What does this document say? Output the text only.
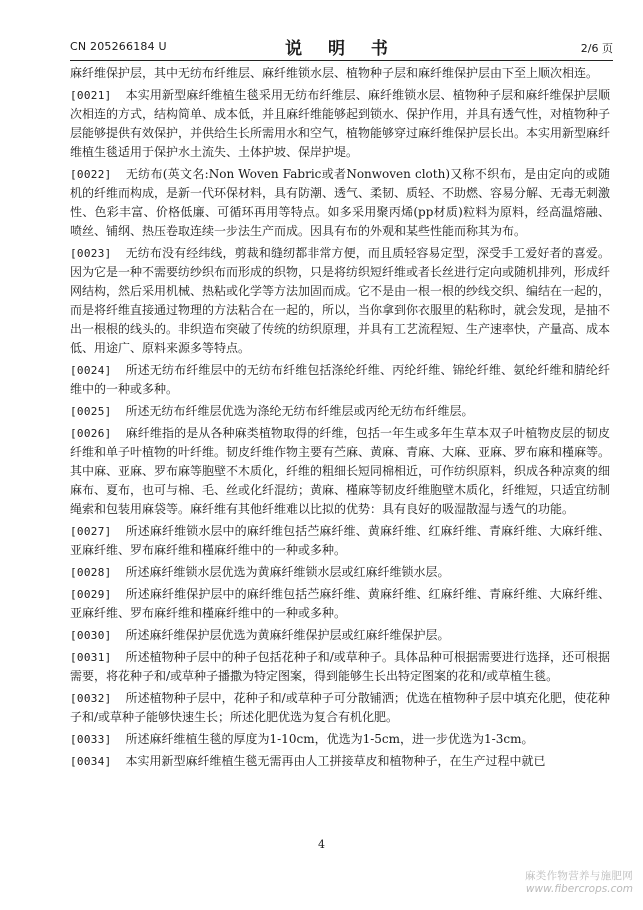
CN 205266184 U	说 明 书	2/6 页

麻纤维保护层，其中无纺布纤维层、麻纤维锁水层、植物种子层和麻纤维保护层由下至上顺次相连。

[0021] 本实用新型麻纤维植生毯采用无纺布纤维层、麻纤维锁水层、植物种子层和麻纤维保护层顺次相连的方式，结构简单、成本低，并且麻纤维能够起到锁水、保护作用，并具有透气性，对植物种子层能够提供有效保护，并供给生长所需用水和空气，植物能够穿过麻纤维保护层长出。本实用新型麻纤维植生毯适用于保护水土流失、土体护坡、保岸护堤。

[0022] 无纺布(英文名:Non Woven Fabric或者Nonwoven cloth)又称不织布，是由定向的或随机的纤维而构成，是新一代环保材料，具有防潮、透气、柔韧、质轻、不助燃、容易分解、无毒无刺激性、色彩丰富、价格低廉、可循环再用等特点。如多采用聚丙烯(pp材质)粒料为原料，经高温熔融、喷丝、铺纲、热压卷取连续一步法生产而成。因具有布的外观和某些性能而称其为布。

[0023] 无纺布没有经纬线，剪裁和缝纫都非常方便，而且质轻容易定型，深受手工爱好者的喜爱。因为它是一种不需要纺纱织布而形成的织物，只是将纺织短纤维或者长丝进行定向或随机排列，形成纤网结构，然后采用机械、热粘或化学等方法加固而成。它不是由一根一根的纱线交织、编结在一起的，而是将纤维直接通过物理的方法粘合在一起的，所以，当你拿到你衣服里的粘称时，就会发现，是抽不出一根根的线头的。非织造布突破了传统的纺织原理，并具有工艺流程短、生产速率快，产量高、成本低、用途广、原料来源多等特点。

[0024] 所述无纺布纤维层中的无纺布纤维包括涤纶纤维、丙纶纤维、锦纶纤维、氨纶纤维和腈纶纤维中的一种或多种。

[0025] 所述无纺布纤维层优选为涤纶无纺布纤维层或丙纶无纺布纤维层。

[0026] 麻纤维指的是从各种麻类植物取得的纤维，包括一年生或多年生草本双子叶植物皮层的韧皮纤维和单子叶植物的叶纤维。韧皮纤维作物主要有苎麻、黄麻、青麻、大麻、亚麻、罗布麻和槿麻等。其中麻、亚麻、罗布麻等胞壁不木质化，纤维的粗细长短同棉相近，可作纺织原料，织成各种凉爽的细麻布、夏布，也可与棉、毛、丝或化纤混纺；黄麻、槿麻等韧皮纤维胞壁木质化，纤维短，只适宜纺制绳索和包装用麻袋等。麻纤维有其他纤维难以比拟的优势：具有良好的吸湿散湿与透气的功能。

[0027] 所述麻纤维锁水层中的麻纤维包括苎麻纤维、黄麻纤维、红麻纤维、青麻纤维、大麻纤维、亚麻纤维、罗布麻纤维和槿麻纤维中的一种或多种。

[0028] 所述麻纤维锁水层优选为黄麻纤维锁水层或红麻纤维锁水层。

[0029] 所述麻纤维保护层中的麻纤维包括苎麻纤维、黄麻纤维、红麻纤维、青麻纤维、大麻纤维、亚麻纤维、罗布麻纤维和槿麻纤维中的一种或多种。

[0030] 所述麻纤维保护层优选为黄麻纤维保护层或红麻纤维保护层。

[0031] 所述植物种子层中的种子包括花种子和/或草种子。具体品种可根据需要进行选择，还可根据需要，将花种子和/或草种子播撒为特定图案，得到能够生长出特定图案的花和/或草植生毯。

[0032] 所述植物种子层中，花种子和/或草种子可分散铺洒；优选在植物种子层中填充化肥，使花种子和/或草种子能够快速生长；所述化肥优选为复合有机化肥。

[0033] 所述麻纤维植生毯的厚度为1-10cm，优选为1-5cm，进一步优选为1-3cm。

[0034] 本实用新型麻纤维植生毯无需再由人工拼接草皮和植物种子，在生产过程中就已

4
麻类作物营养与施肥网
www.fibercrops.com
